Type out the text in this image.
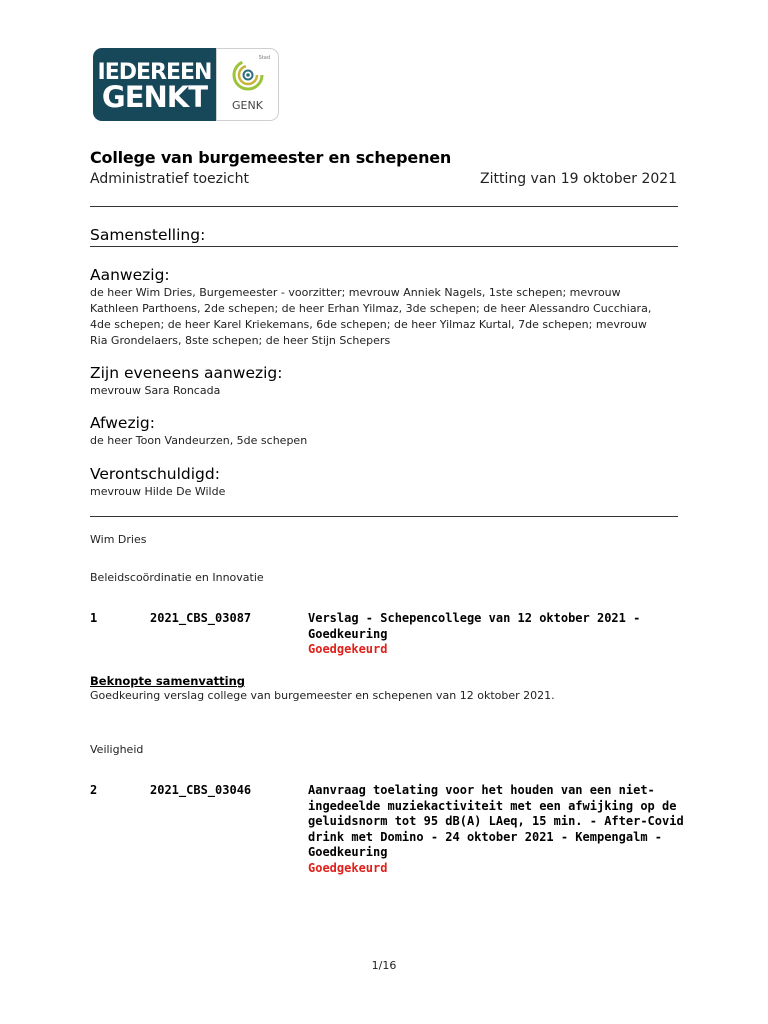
IEDEREEN
GENKT
Stad
GENK
College van burgemeester en schepenen
Administratief toezicht	Zitting van 19 oktober 2021
Samenstelling:
Aanwezig:
de heer Wim Dries, Burgemeester - voorzitter; mevrouw Anniek Nagels, 1ste schepen; mevrouw
Kathleen Parthoens, 2de schepen; de heer Erhan Yilmaz, 3de schepen; de heer Alessandro Cucchiara,
4de schepen; de heer Karel Kriekemans, 6de schepen; de heer Yilmaz Kurtal, 7de schepen; mevrouw
Ria Grondelaers, 8ste schepen; de heer Stijn Schepers
Zijn eveneens aanwezig:
mevrouw Sara Roncada
Afwezig:
de heer Toon Vandeurzen, 5de schepen
Verontschuldigd:
mevrouw Hilde De Wilde
Wim Dries
Beleidscoördinatie en Innovatie
1	2021_CBS_03087	Verslag - Schepencollege van 12 oktober 2021 -
Goedkeuring
Goedgekeurd
Beknopte samenvatting
Goedkeuring verslag college van burgemeester en schepenen van 12 oktober 2021.
Veiligheid
2	2021_CBS_03046	Aanvraag toelating voor het houden van een niet-
ingedeelde muziekactiviteit met een afwijking op de
geluidsnorm tot 95 dB(A) LAeq, 15 min. - After-Covid
drink met Domino - 24 oktober 2021 - Kempengalm -
Goedkeuring
Goedgekeurd
1/16
